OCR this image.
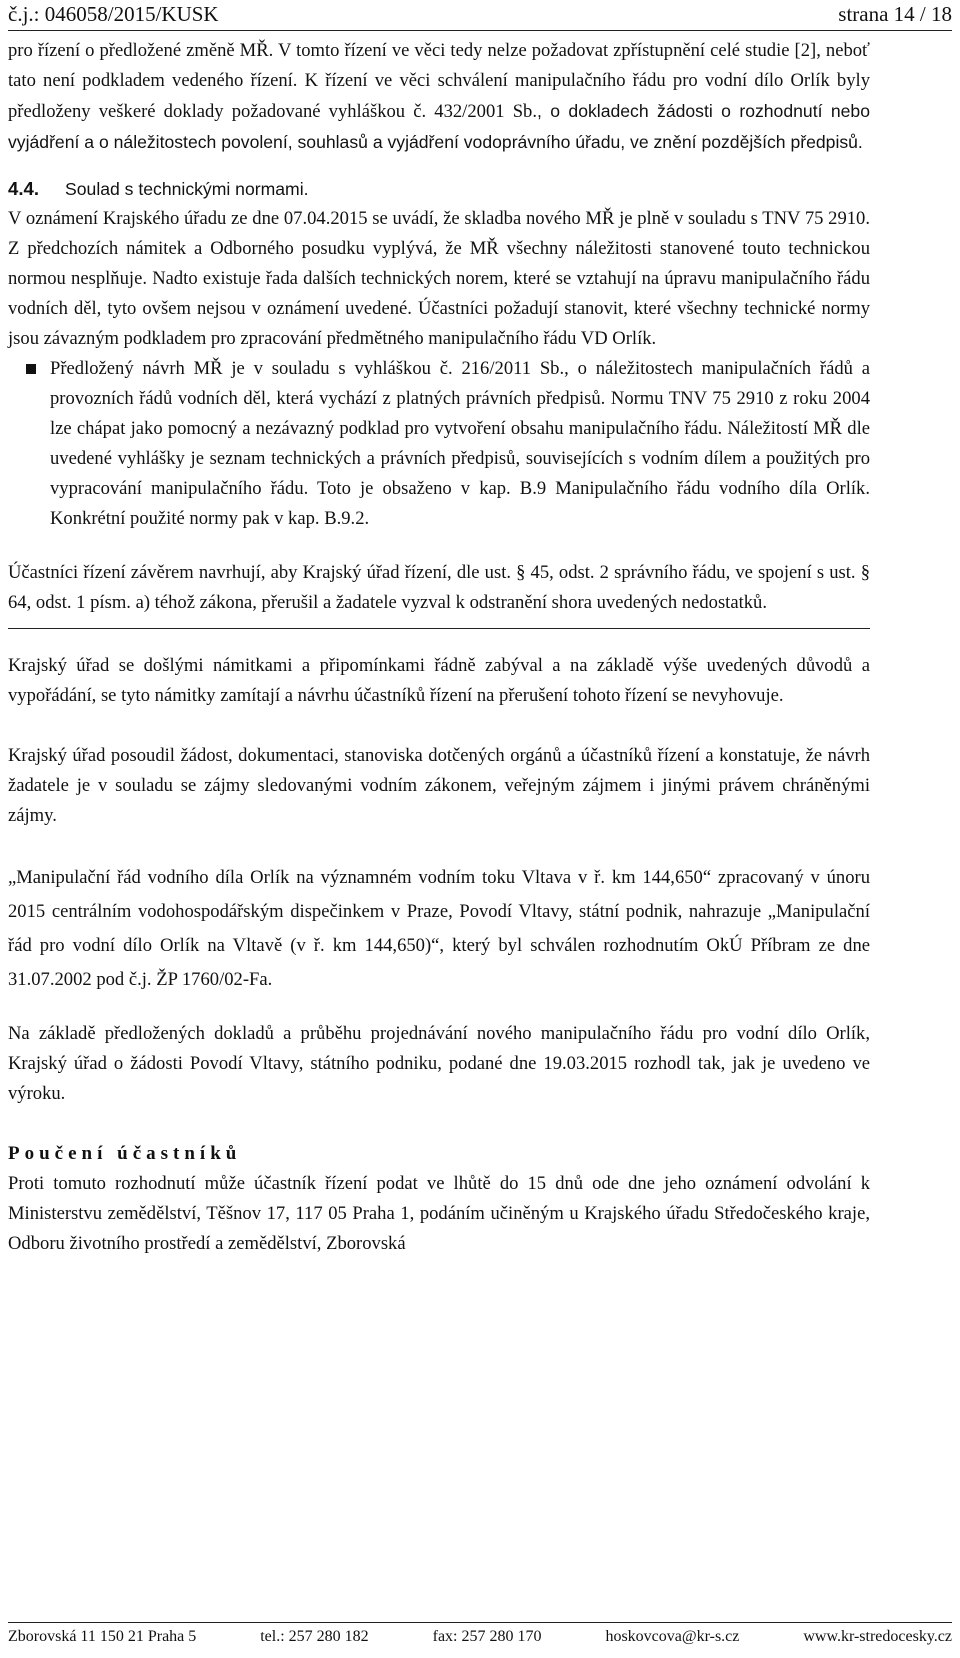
č.j.: 046058/2015/KUSK	strana 14 / 18

pro řízení o předložené změně MŘ. V tomto řízení ve věci tedy nelze požadovat zpřístupnění celé studie [2], neboť tato není podkladem vedeného řízení. K řízení ve věci schválení manipulačního řádu pro vodní dílo Orlík byly předloženy veškeré doklady požadované vyhláškou č. 432/2001 Sb., o dokladech žádosti o rozhodnutí nebo vyjádření a o náležitostech povolení, souhlasů a vyjádření vodoprávního úřadu, ve znění pozdějších předpisů.

4.4. Soulad s technickými normami.

V oznámení Krajského úřadu ze dne 07.04.2015 se uvádí, že skladba nového MŘ je plně v souladu s TNV 75 2910. Z předchozích námitek a Odborného posudku vyplývá, že MŘ všechny náležitosti stanovené touto technickou normou nesplňuje. Nadto existuje řada dalších technických norem, které se vztahují na úpravu manipulačního řádu vodních děl, tyto ovšem nejsou v oznámení uvedené. Účastníci požadují stanovit, které všechny technické normy jsou závazným podkladem pro zpracování předmětného manipulačního řádu VD Orlík.

Předložený návrh MŘ je v souladu s vyhláškou č. 216/2011 Sb., o náležitostech manipulačních řádů a provozních řádů vodních děl, která vychází z platných právních předpisů. Normu TNV 75 2910 z roku 2004 lze chápat jako pomocný a nezávazný podklad pro vytvoření obsahu manipulačního řádu. Náležitostí MŘ dle uvedené vyhlášky je seznam technických a právních předpisů, souvisejících s vodním dílem a použitých pro vypracování manipulačního řádu. Toto je obsaženo v kap. B.9 Manipulačního řádu vodního díla Orlík. Konkrétní použité normy pak v kap. B.9.2.

Účastníci řízení závěrem navrhují, aby Krajský úřad řízení, dle ust. § 45, odst. 2 správního řádu, ve spojení s ust. § 64, odst. 1 písm. a) téhož zákona, přerušil a žadatele vyzval k odstranění shora uvedených nedostatků.

Krajský úřad se došlými námitkami a připomínkami řádně zabýval a na základě výše uvedených důvodů a vypořádání, se tyto námitky zamítají a návrhu účastníků řízení na přerušení tohoto řízení se nevyhovuje.

Krajský úřad posoudil žádost, dokumentaci, stanoviska dotčených orgánů a účastníků řízení a konstatuje, že návrh žadatele je v souladu se zájmy sledovanými vodním zákonem, veřejným zájmem i jinými právem chráněnými zájmy.

„Manipulační řád vodního díla Orlík na významném vodním toku Vltava v ř. km 144,650“ zpracovaný v únoru 2015 centrálním vodohospodářským dispečinkem v Praze, Povodí Vltavy, státní podnik, nahrazuje „Manipulační řád pro vodní dílo Orlík na Vltavě (v ř. km 144,650)“, který byl schválen rozhodnutím OkÚ Příbram ze dne 31.07.2002 pod č.j. ŽP 1760/02-Fa.

Na základě předložených dokladů a průběhu projednávání nového manipulačního řádu pro vodní dílo Orlík, Krajský úřad o žádosti Povodí Vltavy, státního podniku, podané dne 19.03.2015 rozhodl tak, jak je uvedeno ve výroku.

Poučení účastníků

Proti tomuto rozhodnutí může účastník řízení podat ve lhůtě do 15 dnů ode dne jeho oznámení odvolání k Ministerstvu zemědělství, Těšnov 17, 117 05 Praha 1, podáním učiněným u Krajského úřadu Středočeského kraje, Odboru životního prostředí a zemědělství, Zborovská

Zborovská 11 150 21 Praha 5	tel.: 257 280 182	fax: 257 280 170	hoskovcova@kr-s.cz	www.kr-stredocesky.cz
